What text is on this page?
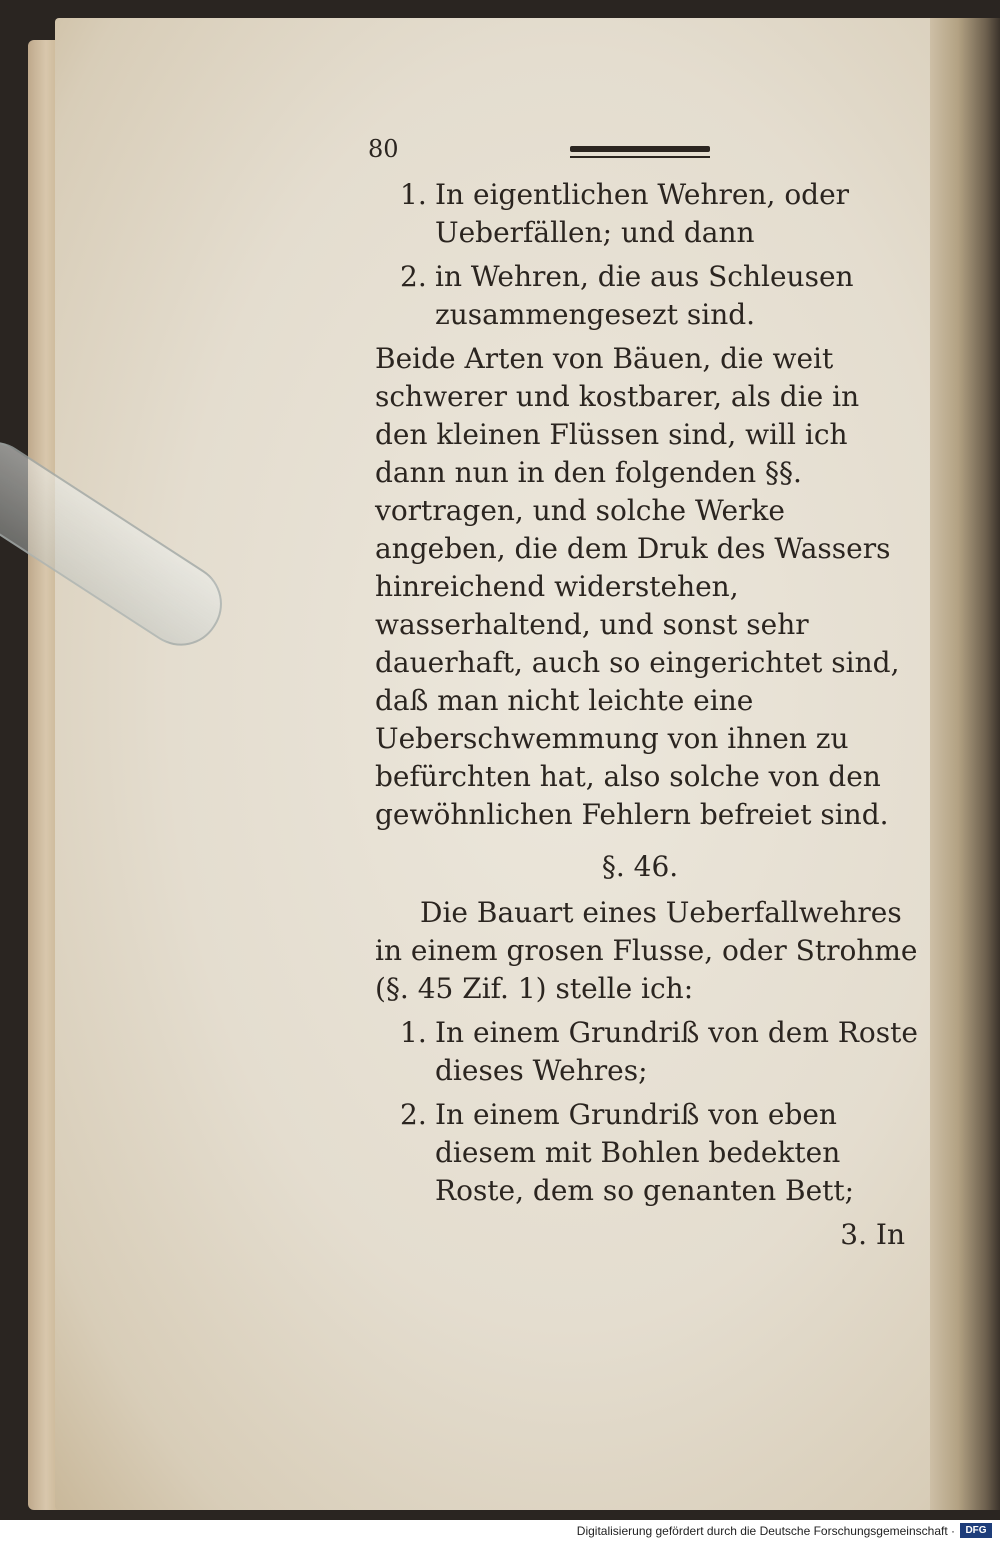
80
1. In eigentlichen Wehren, oder Ueberfällen; und dann
2. in Wehren, die aus Schleusen zusammengesezt sind.

Beide Arten von Bäuen, die weit schwerer und kostbarer, als die in den kleinen Flüssen sind, will ich dann nun in den folgenden §§. vortragen, und solche Werke angeben, die dem Druk des Wassers hinreichend widerstehen, wasserhaltend, und sonst sehr dauerhaft, auch so eingerichtet sind, daß man nicht leichte eine Ueberschwemmung von ihnen zu befürchten hat, also solche von den gewöhnlichen Fehlern befreiet sind.

§. 46.

Die Bauart eines Ueberfallwehres in einem grosen Flusse, oder Strohme (§. 45 Zif. 1) stelle ich:

1. In einem Grundriß von dem Roste dieses Wehres;
2. In einem Grundriß von eben diesem mit Bohlen bedekten Roste, dem so genanten Bett;
3. In
Digitalisierung gefördert durch die Deutsche Forschungsgemeinschaft ·	DFG
